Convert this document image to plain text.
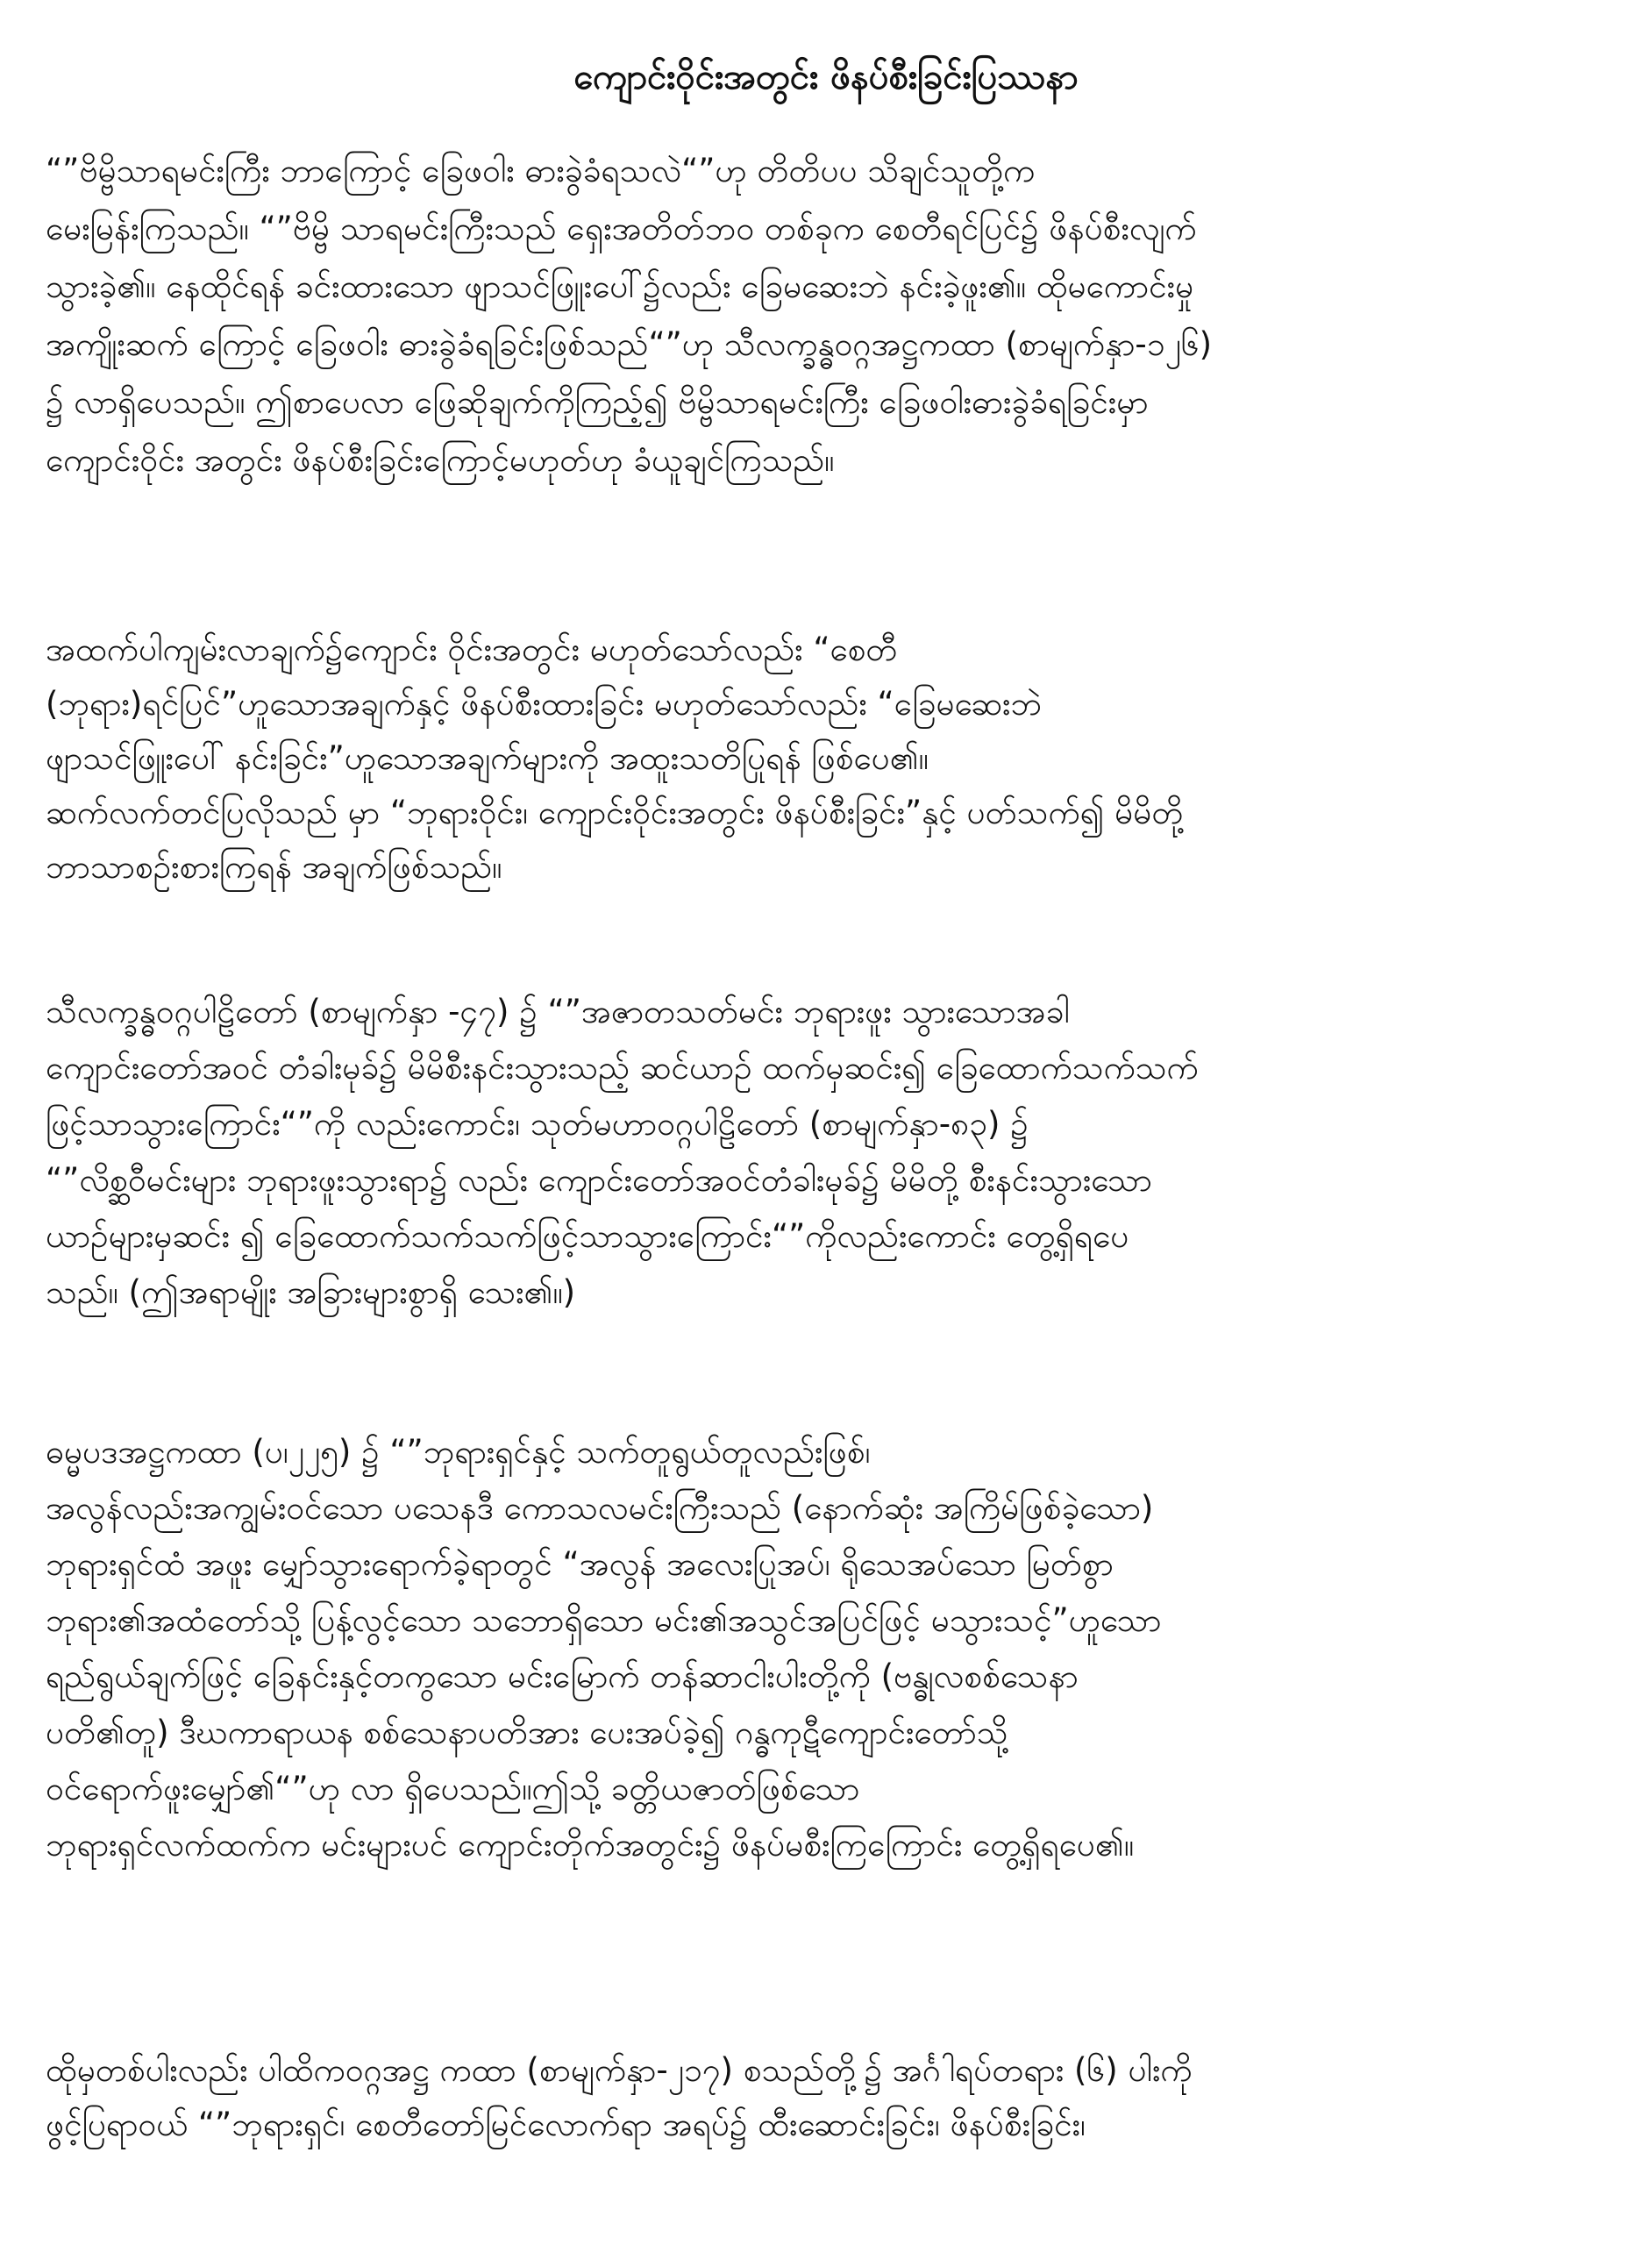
ကျောင်းဝိုင်းအတွင်း ဖိနပ်စီးခြင်းပြဿနာ
“”ဗိမ္ဗိသာရမင်းကြီး ဘာကြောင့် ခြေဖဝါး ဓားခွဲခံရသလဲ“”ဟု တိတိပပ သိချင်သူတို့က
မေးမြန်းကြသည်။ “”ဗိမ္ဗိ သာရမင်းကြီးသည် ရှေးအတိတ်ဘဝ တစ်ခုက စေတီရင်ပြင်၌ ဖိနပ်စီးလျက်
သွားခဲ့၏။ နေထိုင်ရန် ခင်းထားသော ဖျာသင်ဖြူးပေါ်၌လည်း ခြေမဆေးဘဲ နင်းခဲ့ဖူး၏။ ထိုမကောင်းမှု
အကျိုးဆက် ကြောင့် ခြေဖဝါး ဓားခွဲခံရခြင်းဖြစ်သည်“”ဟု သီလက္ခန္ဓဝဂ္ဂအဋ္ဌကထာ (စာမျက်နှာ-၁၂၆)
၌ လာရှိပေသည်။ ဤစာပေလာ ဖြေဆိုချက်ကိုကြည့်၍ ဗိမ္ဗိသာရမင်းကြီး ခြေဖဝါးဓားခွဲခံရခြင်းမှာ
ကျောင်းဝိုင်း အတွင်း ဖိနပ်စီးခြင်းကြောင့်မဟုတ်ဟု ခံယူချင်ကြသည်။
အထက်ပါကျမ်းလာချက်၌ကျောင်း ဝိုင်းအတွင်း မဟုတ်သော်လည်း “စေတီ
(ဘုရား)ရင်ပြင်”ဟူသောအချက်နှင့် ဖိနပ်စီးထားခြင်း မဟုတ်သော်လည်း “ခြေမဆေးဘဲ
ဖျာသင်ဖြူးပေါ် နင်းခြင်း”ဟူသောအချက်များကို အထူးသတိပြုရန် ဖြစ်ပေ၏။
ဆက်လက်တင်ပြလိုသည် မှာ “ဘုရားဝိုင်း၊ ကျောင်းဝိုင်းအတွင်း ဖိနပ်စီးခြင်း”နှင့် ပတ်သက်၍ မိမိတို့
ဘာသာစဉ်းစားကြရန် အချက်ဖြစ်သည်။
သီလက္ခန္ဓဝဂ္ဂပါဠိတော် (စာမျက်နှာ -၄၇) ၌ “”အဇာတသတ်မင်း ဘုရားဖူး သွားသောအခါ
ကျောင်းတော်အဝင် တံခါးမုခ်၌ မိမိစီးနင်းသွားသည့် ဆင်ယာဉ် ထက်မှဆင်း၍ ခြေထောက်သက်သက်
ဖြင့်သာသွားကြောင်း“”ကို လည်းကောင်း၊ သုတ်မဟာဝဂ္ဂပါဠိတော် (စာမျက်နှာ-၈၃) ၌
“”လိစ္ဆဝီမင်းများ ဘုရားဖူးသွားရာ၌ လည်း ကျောင်းတော်အဝင်တံခါးမုခ်၌ မိမိတို့ စီးနင်းသွားသော
ယာဉ်များမှဆင်း ၍ ခြေထောက်သက်သက်ဖြင့်သာသွားကြောင်း“”ကိုလည်းကောင်း တွေ့ရှိရပေ
သည်။ (ဤအရာမျိုး အခြားများစွာရှိ သေး၏။)
ဓမ္မပဒအဋ္ဌကထာ (ပ၊၂၂၅) ၌ “”ဘုရားရှင်နှင့် သက်တူရွယ်တူလည်းဖြစ်၊
အလွန်လည်းအကျွမ်းဝင်သော ပသေနဒီ ကောသလမင်းကြီးသည် (နောက်ဆုံး အကြိမ်ဖြစ်ခဲ့သော)
ဘုရားရှင်ထံ အဖူး မျှော်သွားရောက်ခဲ့ရာတွင် “အလွန် အလေးပြုအပ်၊ ရိုသေအပ်သော မြတ်စွာ
ဘုရား၏အထံတော်သို့ ပြန့်လွင့်သော သဘောရှိသော မင်း၏အသွင်အပြင်ဖြင့် မသွားသင့်”ဟူသော
ရည်ရွယ်ချက်ဖြင့် ခြေနင်းနှင့်တကွသော မင်းမြောက် တန်ဆာငါးပါးတို့ကို (ဗန္ဓုလစစ်သေနာ
ပတိ၏တူ) ဒီဃကာရာယန စစ်သေနာပတိအား ပေးအပ်ခဲ့၍ ဂန္ဓကုဋီကျောင်းတော်သို့
ဝင်ရောက်ဖူးမျှော်၏“”ဟု လာ ရှိပေသည်။ဤသို့ ခတ္တိယဇာတ်ဖြစ်သော
ဘုရားရှင်လက်ထက်က မင်းများပင် ကျောင်းတိုက်အတွင်း၌ ဖိနပ်မစီးကြကြောင်း တွေ့ရှိရပေ၏။
ထိုမှတစ်ပါးလည်း ပါထိကဝဂ္ဂအဋ္ဌ ကထာ (စာမျက်နှာ-၂၁၇) စသည်တို့၌ အင်္ဂါရပ်တရား (၆) ပါးကို
ဖွင့်ပြရာဝယ် “”ဘုရားရှင်၊ စေတီတော်မြင်လောက်ရာ အရပ်၌ ထီးဆောင်းခြင်း၊ ဖိနပ်စီးခြင်း၊
